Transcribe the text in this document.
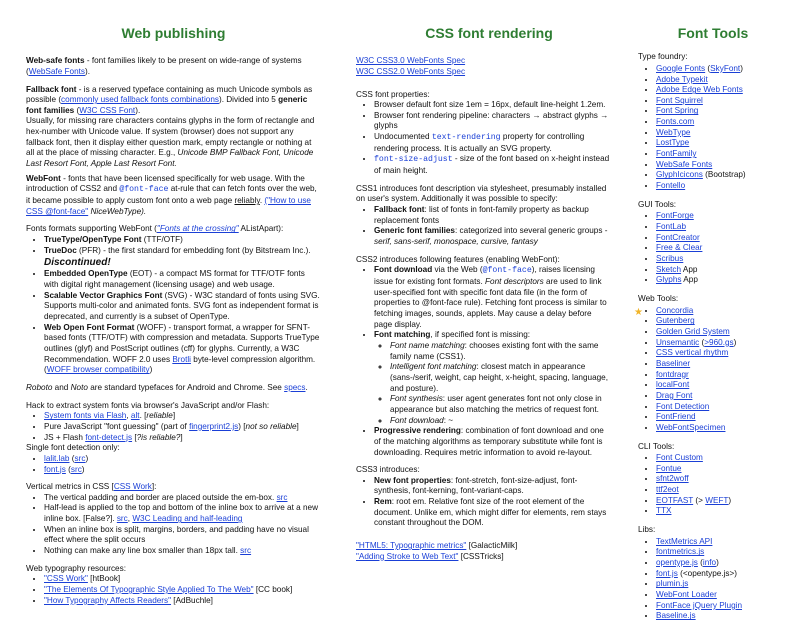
Web publishing

Web-safe fonts - font families likely to be present on wide-range of systems (WebSafe Fonts).

Fallback font - is a reserved typeface containing as much Unicode symbols as possible (commonly used fallback fonts combinations). Divided into 5 generic font families (W3C CSS Font).
Usually, for missing rare characters contains glyphs in the form of rectangle and hex-number with Unicode value. If system (browser) does not support any fallback font, then it display either question mark, empty rectangle or nothing at all at the place of missing character. E.g., Unicode BMP Fallback Font, Unicode Last Resort Font, Apple Last Resort Font.

WebFont - fonts that have been licensed specifically for web usage. With the introduction of CSS2 and @font-face at-rule that can fetch fonts over the web, it became possible to apply custom font onto a web page reliably. ("How to use CSS @font-face" NiceWebType).

Fonts formats supporting WebFont ("Fonts at the crossing" AListApart):
• TrueType/OpenType Font (TTF/OTF)
• TrueDoc (PFR) - the first standard for embedding font (by Bitstream Inc.).
Discontinued!
• Embedded OpenType (EOT) - a compact MS format for TTF/OTF fonts with digital right management (licensing usage) and web usage.
• Scalable Vector Graphics Font (SVG) - W3C standard of fonts using SVG. Supports multi-color and animated fonts. SVG font as independent format is deprecated, and currently is a subset of OpenType.
• Web Open Font Format (WOFF) - transport format, a wrapper for SFNT-based fonts (TTF/OTF) with compression and metadata. Supports TrueType outlines (glyf) and PostScript outlines (cff) for glyphs. Currently, a W3C Recommendation. WOFF 2.0 uses Brotli byte-level compression algorithm. (WOFF browser compatibility)

Roboto and Noto are standard typefaces for Android and Chrome. See specs.

Hack to extract system fonts via browser's JavaScript and/or Flash:
• System fonts via Flash, alt. [reliable]
• Pure JavaScript "font guessing" (part of fingerprint2.js) [not so reliable]
• JS + Flash font-detect.js [?is reliable?]
Single font detection only:
• lalit.lab (src)
• font.js (src)
Vertical metrics in CSS [CSS Work]:
• The vertical padding and border are placed outside the em-box. src
• Half-lead is applied to the top and bottom of the inline box to arrive at a new inline box. [False?]. src, W3C Leading and half-leading
• When an inline box is split, margins, borders, and padding have no visual effect where the split occurs
• Nothing can make any line box smaller than 18px tall. src
Web typography resources:
• "CSS Work" [htBook]
• "The Elements Of Typographic Style Applied To The Web" [CC book]
• "How Typography Affects Readers" [AdBuchle]
CSS font rendering

W3C CSS3.0 WebFonts Spec
W3C CSS2.0 WebFonts Spec

CSS font properties:
• Browser default font size 1em = 16px, default line-height 1.2em.
• Browser font rendering pipeline: characters → abstract glyphs → glyphs
• Undocumented text-rendering property for controlling rendering process. It is actually an SVG property.
• font-size-adjust - size of the font based on x-height instead of main height.
CSS1 introduces font description via stylesheet, presumably installed on user's system. Additionally it was possible to specify:
• Fallback font: list of fonts in font-family property as backup replacement fonts
• Generic font families: categorized into several generic groups - serif, sans-serif, monospace, cursive, fantasy
CSS2 introduces following features (enabling WebFont):
• Font download via the Web (@font-face), raises licensing issue for existing font formats. Font descriptors are used to link user-specified font with specific font data file (in the form of properties to @font-face rule). Fetching font process is similar to fetching images, sounds, applets. May cause a delay before page display.
• Font matching, if specified font is missing:
◦ Font name matching: chooses existing font with the same family name (CSS1).
◦ Intelligent font matching: closest match in appearance (sans-/serif, weight, cap height, x-height, spacing, language, and posture).
◦ Font synthesis: user agent generates font not only close in appearance but also matching the metrics of request font.
◦ Font download: ~
• Progressive rendering: combination of font download and one of the matching algorithms as temporary substitute while font is downloading. Requires metric information to avoid re-layout.
CSS3 introduces:
• New font properties: font-stretch, font-size-adjust, font-synthesis, font-kerning, font-variant-caps.
• Rem: root em. Relative font size of the root element of the document. Unlike em, which might differ for elements, rem stays constant throughout the DOM.

"HTML5: Typographic metrics" [GalacticMilk]
"Adding Stroke to Web Text" [CSSTricks]

Font Tools
Type foundry:
• Google Fonts (SkyFont)
• Adobe Typekit
• Adobe Edge Web Fonts
• Font Squirrel
• Font Spring
• Fonts.com
• WebType
• LostType
• FontFamily
• WebSafe Fonts
• GlyphIcicons (Bootstrap)
• Fontello
GUI Tools:
• FontForge
• FontLab
• FontCreator
• Free & Clear
• Scribus
• Sketch App
• Glyphs App
Web Tools:
• ★ Concordia
• Gutenberg
• Golden Grid System
• Unsemantic (>960.gs)
• CSS vertical rhythm
• Baseliner
• fontdragr
• localFont
• Drag Font
• Font Detection
• FontFriend
• WebFontSpecimen
CLI Tools:
• Font Custom
• Fontue
• sfnt2woff
• ttf2eot
• EOTFAST (> WEFT)
• TTX
Libs:
• TextMetrics API
• fontmetrics.js
• opentype.js (info)
• font.js (<opentype.js>)
• plumin.js
• WebFont Loader
• FontFace jQuery Plugin
• Baseline.js
